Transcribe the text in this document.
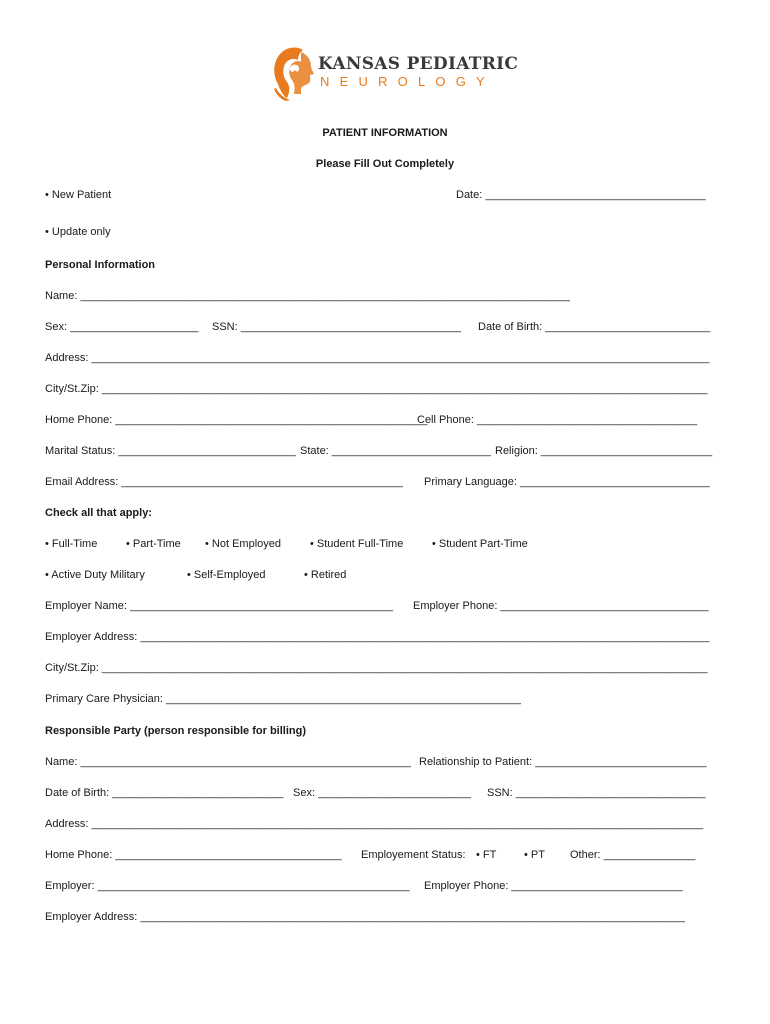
KANSAS PEDIATRIC
NEUROLOGY
PATIENT INFORMATION
Please Fill Out Completely
• New Patient	Date: ____________________________________
• Update only
Personal Information
Name: ________________________________________________________________________________
Sex: _____________________ SSN: ____________________________________ Date of Birth: ___________________________
Address: _____________________________________________________________________________________________________
City/St.Zip: ___________________________________________________________________________________________________
Home Phone: ___________________________________________________
Cell Phone: ____________________________________
Marital Status: _____________________________ State: __________________________ Religion: ____________________________
Email Address: ______________________________________________ Primary Language: _______________________________
Check all that apply:
• Full-Time	• Part-Time • Not Employed	• Student Full-Time	• Student Part-Time
• Active Duty Military	• Self-Employed	• Retired
Employer Name: ___________________________________________ Employer Phone: __________________________________
Employer Address: _____________________________________________________________________________________________
City/St.Zip: ___________________________________________________________________________________________________
Primary Care Physician: __________________________________________________________
Responsible Party (person responsible for billing)
Name: ______________________________________________________ Relationship to Patient: ____________________________
Date of Birth: ____________________________ Sex: _________________________ SSN: _______________________________
Address: ____________________________________________________________________________________________________
Home Phone: _____________________________________ Employement Status: • FT	• PT Other: _______________
Employer: ___________________________________________________ Employer Phone: ____________________________
Employer Address: _________________________________________________________________________________________
